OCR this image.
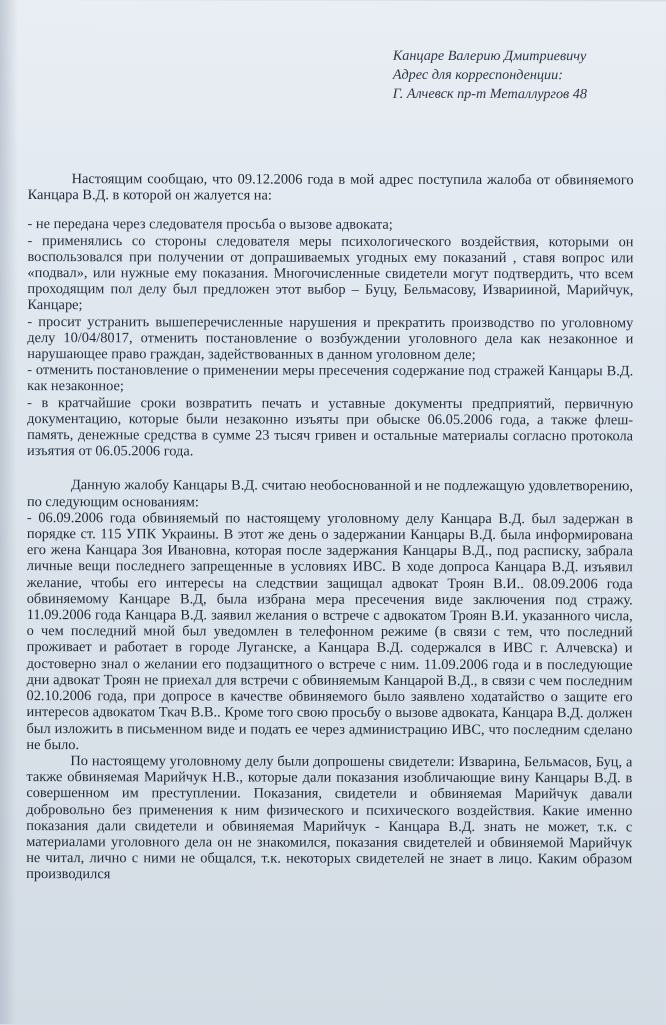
Канцаре Валерию Дмитриевичу
Адрес для корреспонденции:
Г. Алчевск пр-т Металлургов 48

Настоящим сообщаю, что 09.12.2006 года в мой адрес поступила жалоба от обвиняемого Канцара В.Д. в которой он жалуется на:

- не передана через следователя просьба о вызове адвоката;

- применялись со стороны следователя меры психологического воздействия, которыми он воспользовался при получении от допрашиваемых угодных ему показаний , ставя вопрос или «подвал», или нужные ему показания. Многочисленные свидетели могут подтвердить, что всем проходящим пол делу был предложен этот выбор – Буцу, Бельмасову, Изварииной, Марийчук, Канцаре;

- просит устранить вышеперечисленные нарушения и прекратить производство по уголовному делу 10/04/8017, отменить постановление о возбуждении уголовного дела как незаконное и нарушающее право граждан, задействованных в данном уголовном деле;

- отменить постановление о применении меры пресечения содержание под стражей Канцары В.Д. как незаконное;

- в кратчайшие сроки возвратить печать и уставные документы предприятий, первичную документацию, которые были незаконно изъяты при обыске 06.05.2006 года, а также флеш-память, денежные средства в сумме 23 тысяч гривен и остальные материалы согласно протокола изъятия от 06.05.2006 года.

Данную жалобу Канцары В.Д. считаю необоснованной и не подлежащую удовлетворению, по следующим основаниям:

- 06.09.2006 года обвиняемый по настоящему уголовному делу Канцара В.Д. был задержан в порядке ст. 115 УПК Украины. В этот же день о задержании Канцары В.Д. была информирована его жена Канцара Зоя Ивановна, которая после задержания Канцары В.Д., под расписку, забрала личные вещи последнего запрещенные в условиях ИВС. В ходе допроса Канцара В.Д. изъявил желание, чтобы его интересы на следствии защищал адвокат Троян В.И.. 08.09.2006 года обвиняемому Канцаре В.Д, была избрана мера пресечения виде заключения под стражу. 11.09.2006 года Канцара В.Д. заявил желания о встрече с адвокатом Троян В.И. указанного числа, о чем последний мной был уведомлен в телефонном режиме (в связи с тем, что последний проживает и работает в городе Луганске, а Канцара В.Д. содержался в ИВС г. Алчевска) и достоверно знал о желании его подзащитного о встрече с ним. 11.09.2006 года и в последующие дни адвокат Троян не приехал для встречи с обвиняемым Канцарой В.Д., в связи с чем последним 02.10.2006 года, при допросе в качестве обвиняемого было заявлено ходатайство о защите его интересов адвокатом Ткач В.В.. Кроме того свою просьбу о вызове адвоката, Канцара В.Д. должен был изложить в письменном виде и подать ее через администрацию ИВС, что последним сделано не было.

По настоящему уголовному делу были допрошены свидетели: Изварина, Бельмасов, Буц, а также обвиняемая Марийчук Н.В., которые дали показания изобличающие вину Канцары В.Д. в совершенном им преступлении. Показания, свидетели и обвиняемая Марийчук давали добровольно без применения к ним физического и психического воздействия. Какие именно показания дали свидетели и обвиняемая Марийчук - Канцара В.Д. знать не может, т.к. с материалами уголовного дела он не знакомился, показания свидетелей и обвиняемой Марийчук не читал, лично с ними не общался, т.к. некоторых свидетелей не знает в лицо. Каким образом производился
